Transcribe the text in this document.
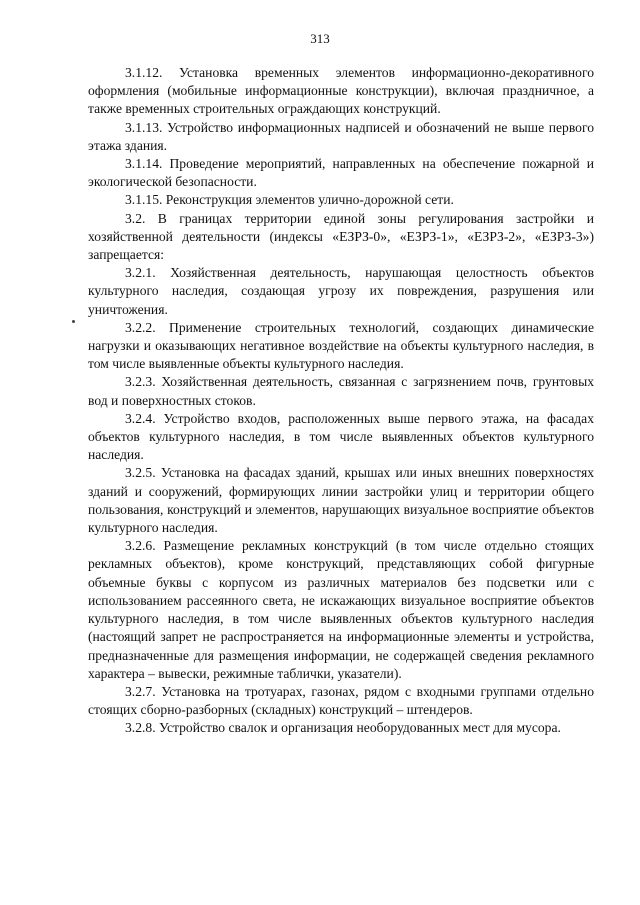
313

3.1.12. Установка временных элементов информационно-декоративного оформления (мобильные информационные конструкции), включая праздничное, а также временных строительных ограждающих конструкций.

3.1.13. Устройство информационных надписей и обозначений не выше первого этажа здания.

3.1.14. Проведение мероприятий, направленных на обеспечение пожарной и экологической безопасности.

3.1.15. Реконструкция элементов улично-дорожной сети.

3.2. В границах территории единой зоны регулирования застройки и хозяйственной деятельности (индексы «ЕЗРЗ-0», «ЕЗРЗ-1», «ЕЗРЗ-2», «ЕЗРЗ-3») запрещается:

3.2.1. Хозяйственная деятельность, нарушающая целостность объектов культурного наследия, создающая угрозу их повреждения, разрушения или уничтожения.

3.2.2. Применение строительных технологий, создающих динамические нагрузки и оказывающих негативное воздействие на объекты культурного наследия, в том числе выявленные объекты культурного наследия.

3.2.3. Хозяйственная деятельность, связанная с загрязнением почв, грунтовых вод и поверхностных стоков.

3.2.4. Устройство входов, расположенных выше первого этажа, на фасадах объектов культурного наследия, в том числе выявленных объектов культурного наследия.

3.2.5. Установка на фасадах зданий, крышах или иных внешних поверхностях зданий и сооружений, формирующих линии застройки улиц и территории общего пользования, конструкций и элементов, нарушающих визуальное восприятие объектов культурного наследия.

3.2.6. Размещение рекламных конструкций (в том числе отдельно стоящих рекламных объектов), кроме конструкций, представляющих собой фигурные объемные буквы с корпусом из различных материалов без подсветки или с использованием рассеянного света, не искажающих визуальное восприятие объектов культурного наследия, в том числе выявленных объектов культурного наследия (настоящий запрет не распространяется на информационные элементы и устройства, предназначенные для размещения информации, не содержащей сведения рекламного характера – вывески, режимные таблички, указатели).

3.2.7. Установка на тротуарах, газонах, рядом с входными группами отдельно стоящих сборно-разборных (складных) конструкций – штендеров.

3.2.8. Устройство свалок и организация необорудованных мест для мусора.
